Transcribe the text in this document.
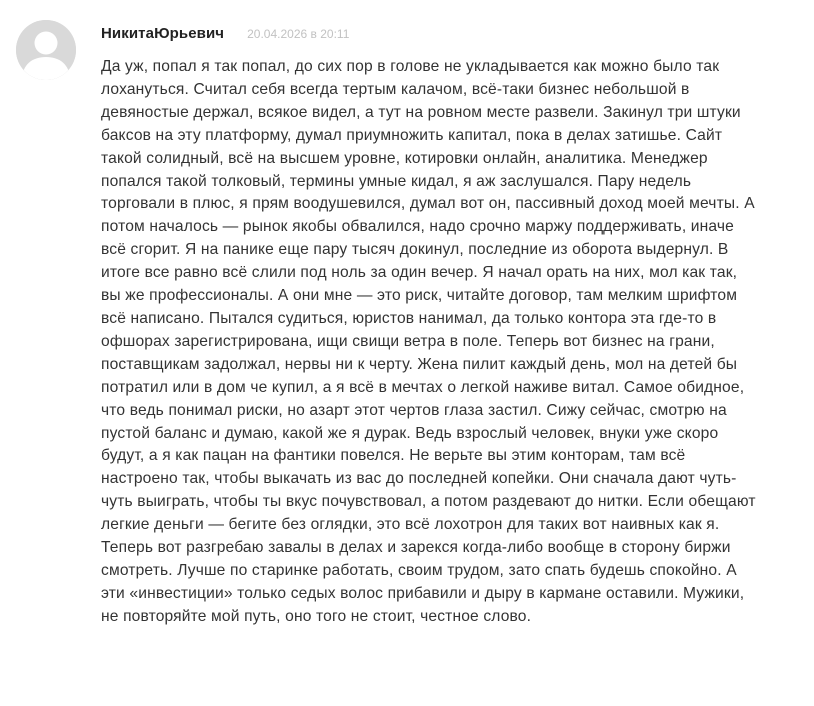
НикитаЮрьевич 20.04.2026 в 20:11

Да уж, попал я так попал, до сих пор в голове не укладывается как можно было так лохануться. Считал себя всегда тертым калачом, всё-таки бизнес небольшой в девяностые держал, всякое видел, а тут на ровном месте развели. Закинул три штуки баксов на эту платформу, думал приумножить капитал, пока в делах затишье. Сайт такой солидный, всё на высшем уровне, котировки онлайн, аналитика. Менеджер попался такой толковый, термины умные кидал, я аж заслушался. Пару недель торговали в плюс, я прям воодушевился, думал вот он, пассивный доход моей мечты. А потом началось — рынок якобы обвалился, надо срочно маржу поддерживать, иначе всё сгорит. Я на панике еще пару тысяч докинул, последние из оборота выдернул. В итоге все равно всё слили под ноль за один вечер. Я начал орать на них, мол как так, вы же профессионалы. А они мне — это риск, читайте договор, там мелким шрифтом всё написано. Пытался судиться, юристов нанимал, да только контора эта где-то в офшорах зарегистрирована, ищи свищи ветра в поле. Теперь вот бизнес на грани, поставщикам задолжал, нервы ни к черту. Жена пилит каждый день, мол на детей бы потратил или в дом че купил, а я всё в мечтах о легкой наживе витал. Самое обидное, что ведь понимал риски, но азарт этот чертов глаза застил. Сижу сейчас, смотрю на пустой баланс и думаю, какой же я дурак. Ведь взрослый человек, внуки уже скоро будут, а я как пацан на фантики повелся. Не верьте вы этим конторам, там всё настроено так, чтобы выкачать из вас до последней копейки. Они сначала дают чуть-чуть выиграть, чтобы ты вкус почувствовал, а потом раздевают до нитки. Если обещают легкие деньги — бегите без оглядки, это всё лохотрон для таких вот наивных как я. Теперь вот разгребаю завалы в делах и зарекся когда-либо вообще в сторону биржи смотреть. Лучше по старинке работать, своим трудом, зато спать будешь спокойно. А эти «инвестиции» только седых волос прибавили и дыру в кармане оставили. Мужики, не повторяйте мой путь, оно того не стоит, честное слово.
